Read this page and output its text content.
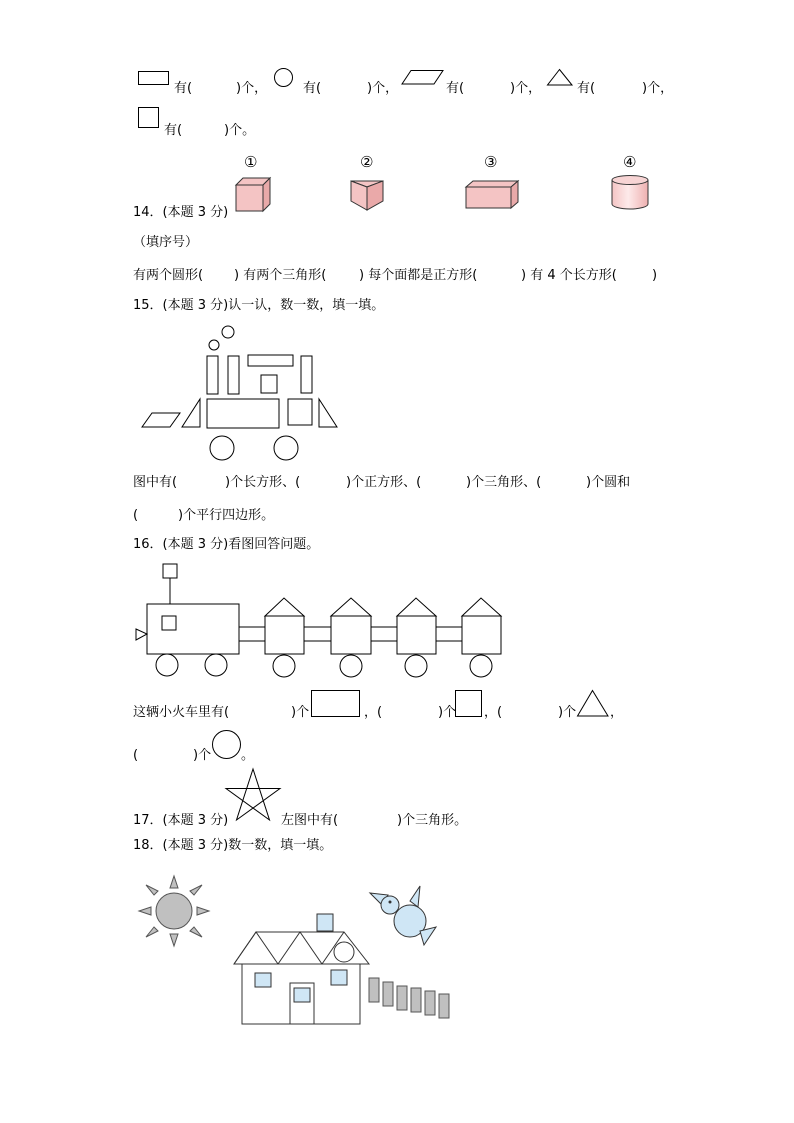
有(	)个，	有(	)个，	有(	)个，	有(	)个，
有(	)个。
①	②	③	④
14．(本题 3 分)
（填序号）
有两个圆形( ) 有两个三角形(	) 每个面都是正方形(	) 有 4 个长方形(	)
15．(本题 3 分)认一认，数一数，填一填。
图中有(	)个长方形、(	)个正方形、(	)个三角形、(	)个圆和
(	)个平行四边形。
16．(本题 3 分)看图回答问题。
这辆小火车里有(	)个	，(	)个 ，(	)个	，
(	)个 。
17．(本题 3 分)	左图中有(	)个三角形。
18．(本题 3 分)数一数，填一填。
